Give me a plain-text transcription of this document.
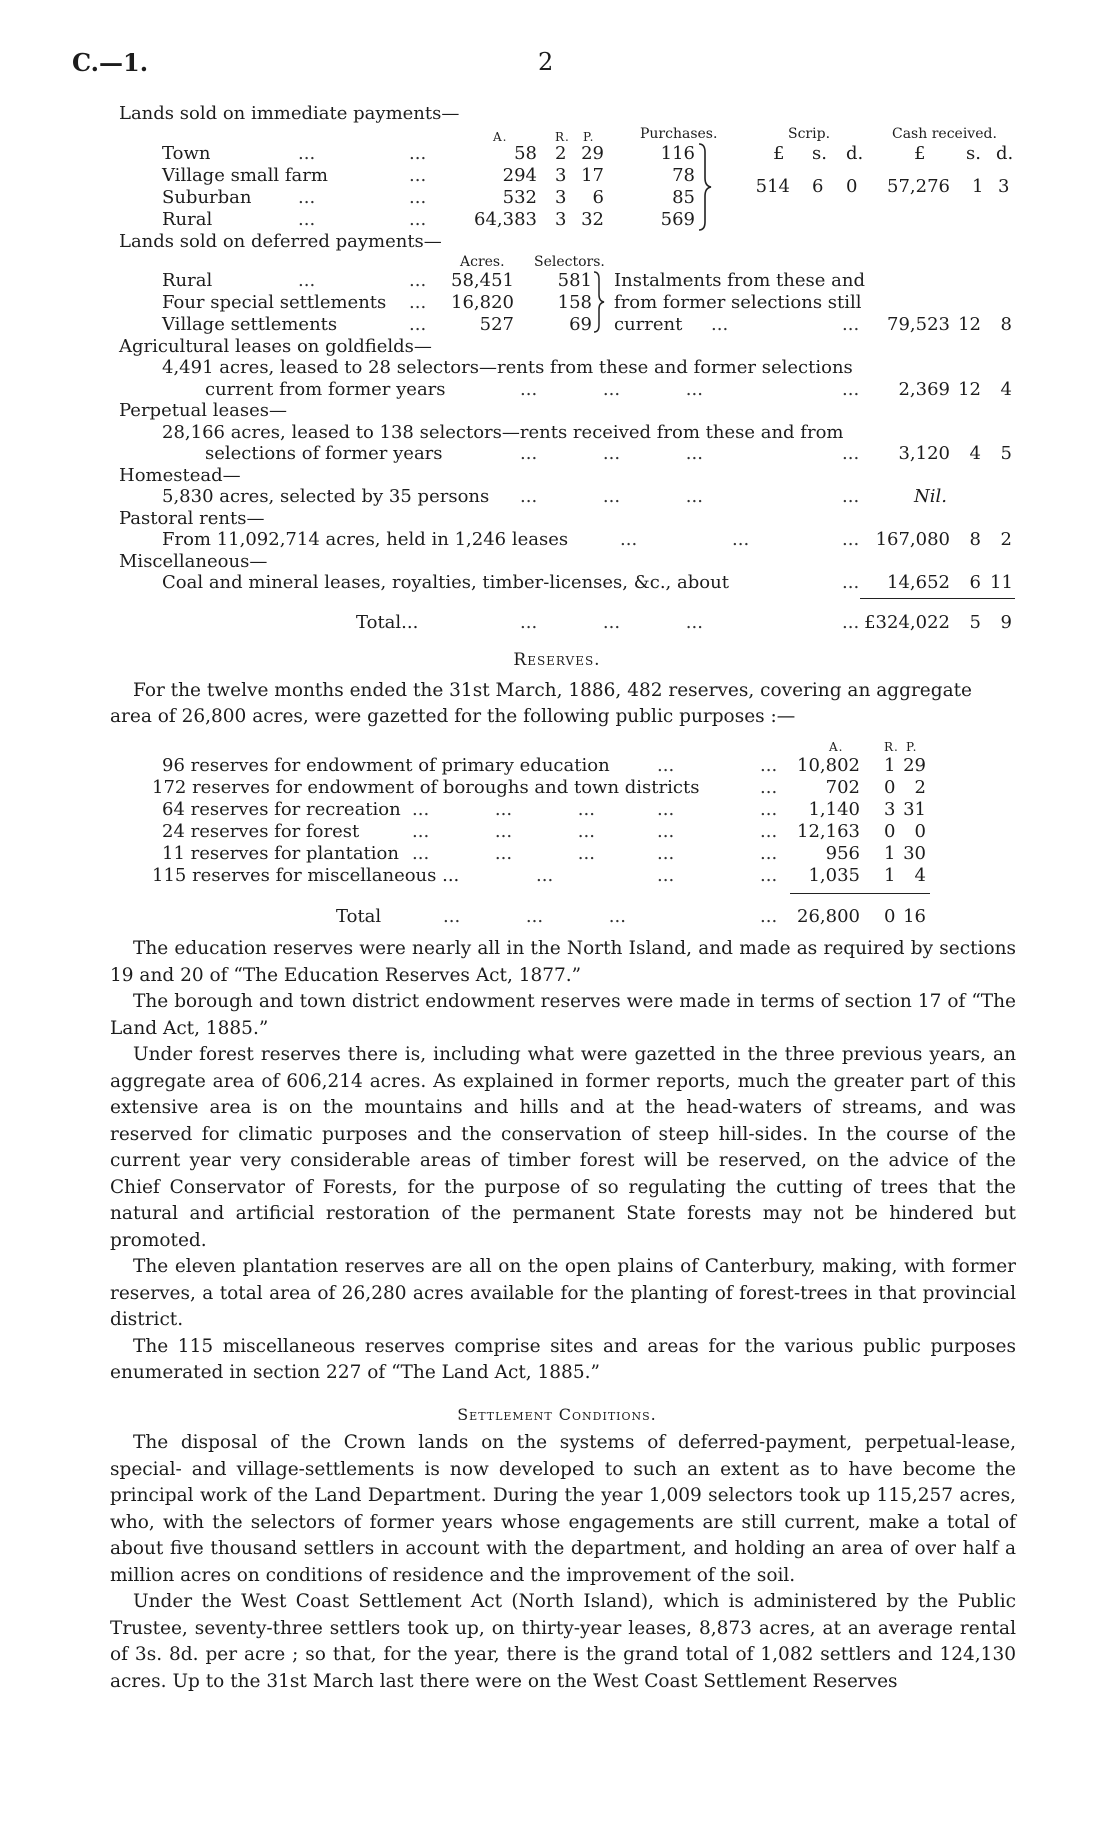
C.—1.	2
Lands sold on immediate payments—
A.	R. P.	Purchases.	Scrip.	Cash received.
£ s. d.	£ s. d.
Town	...	...	58 2 29	116
Village small farm	...	294 3 17	78
Suburban	...	...	532 3	6	85
Rural	...	...	64,383 3 32	569
514 6 0	57,276 1 3
Lands sold on deferred payments—
Acres. Selectors.
Rural	...	...	58,451	581
Four special settlements ...	16,820	158
Village settlements	...	527	69
Instalments from these and
from former selections still
current ...	...	79,523 12	8
Agricultural leases on goldfields—
4,491 acres, leased to 28 selectors—rents from these and former selections
current from former years	... ... ...	...	2,369 12	4
Perpetual leases—
28,166 acres, leased to 138 selectors—rents received from these and from
selections of former years	... ... ...	...	3,120	4	5
Homestead—
5,830 acres, selected by 35 persons ... ... ...	...	Nil.
Pastoral rents—
From 11,092,714 acres, held in 1,246 leases	...	...	... 167,080	8	2
Miscellaneous—
Coal and mineral leases, royalties, timber-licenses, &c., about	...	14,652	6 11
Total...	... ... ...	... £324,022	5	9
Reserves.
For the twelve months ended the 31st March, 1886, 482 reserves, covering an aggregate
area of 26,800 acres, were gazetted for the following public purposes :—
A.	R. P.
96 reserves for endowment of primary education	...	...	10,802 1 29
172 reserves for endowment of boroughs and town districts	...	702 0	2
64 reserves for recreation ... ... ...	...	...	1,140 3 31
24 reserves for forest	... ... ...	...	...	12,163 0	0
11 reserves for plantation ... ... ...	...	...	956 1 30
115 reserves for miscellaneous ...	...	...	...	1,035 1	4
Total	... ... ...	...	26,800 0 16

The education reserves were nearly all in the North Island, and made as required by sections 19 and 20 of “The Education Reserves Act, 1877.”

The borough and town district endowment reserves were made in terms of section 17 of “The Land Act, 1885.”

Under forest reserves there is, including what were gazetted in the three previous years, an aggregate area of 606,214 acres. As explained in former reports, much the greater part of this extensive area is on the mountains and hills and at the head-waters of streams, and was reserved for climatic purposes and the conservation of steep hill-sides. In the course of the current year very considerable areas of timber forest will be reserved, on the advice of the Chief Conservator of Forests, for the purpose of so regulating the cutting of trees that the natural and artificial restoration of the permanent State forests may not be hindered but promoted.

The eleven plantation reserves are all on the open plains of Canterbury, making, with former reserves, a total area of 26,280 acres available for the planting of forest-trees in that provincial district.

The 115 miscellaneous reserves comprise sites and areas for the various public purposes enumerated in section 227 of “The Land Act, 1885.”

Settlement Conditions.

The disposal of the Crown lands on the systems of deferred-payment, perpetual-lease, special- and village-settlements is now developed to such an extent as to have become the principal work of the Land Department. During the year 1,009 selectors took up 115,257 acres, who, with the selectors of former years whose engagements are still current, make a total of about five thousand settlers in account with the department, and holding an area of over half a million acres on conditions of residence and the improvement of the soil.

Under the West Coast Settlement Act (North Island), which is administered by the Public Trustee, seventy-three settlers took up, on thirty-year leases, 8,873 acres, at an average rental of 3s. 8d. per acre ; so that, for the year, there is the grand total of 1,082 settlers and 124,130 acres. Up to the 31st March last there were on the West Coast Settlement Reserves
